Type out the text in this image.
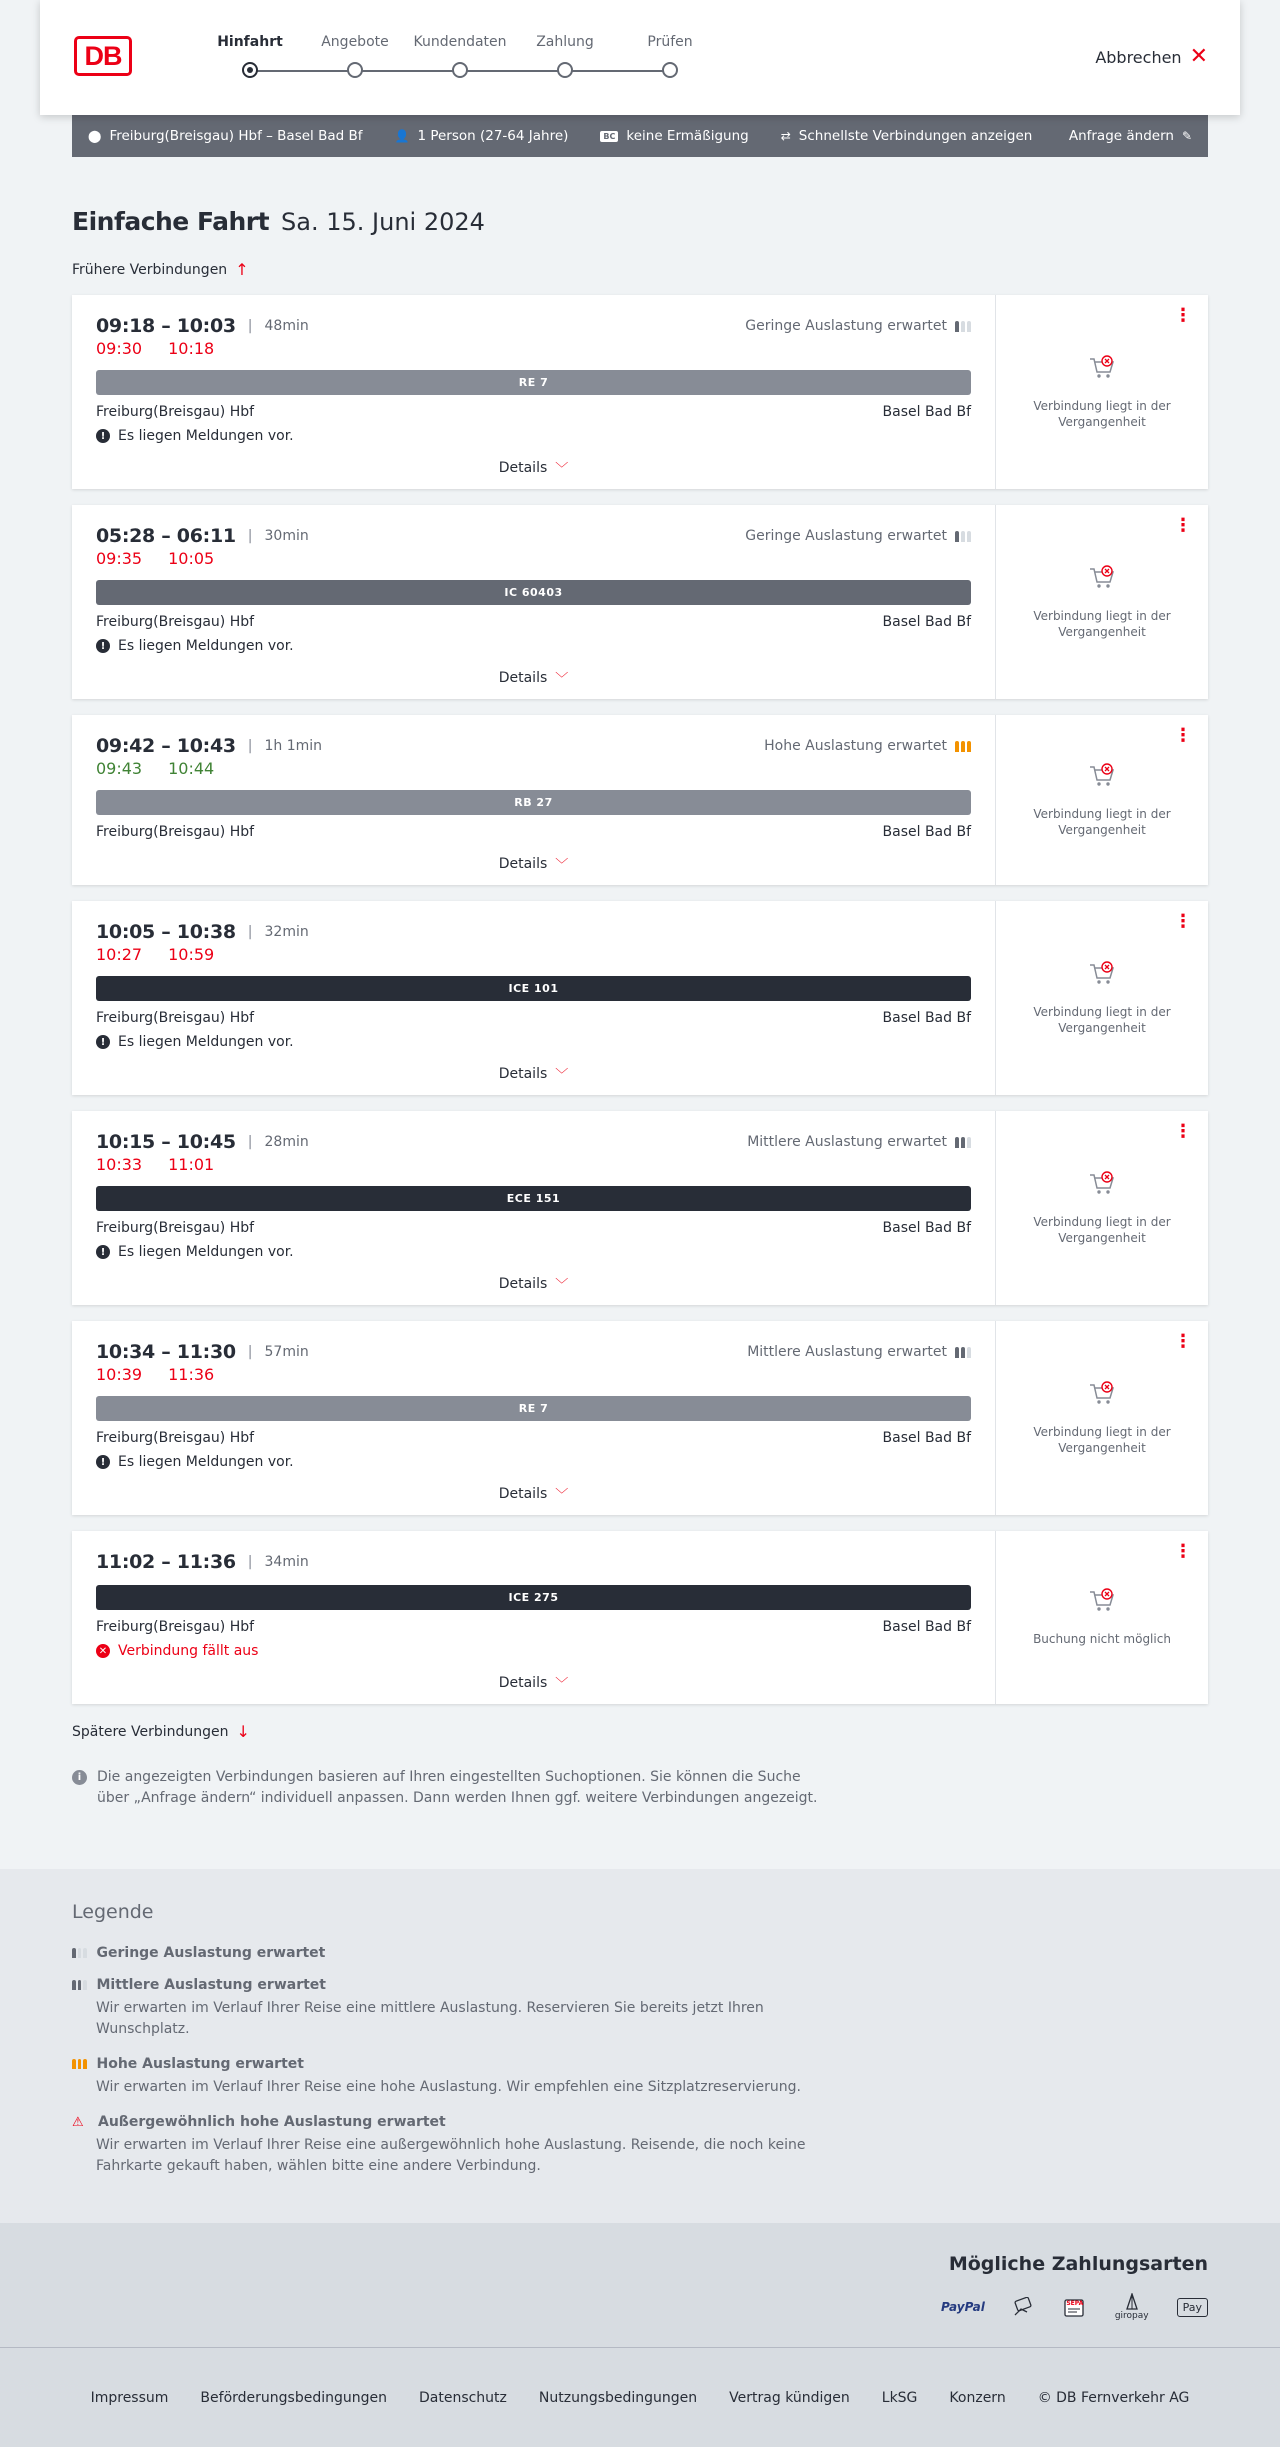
DB	Hinfahrt	Angebote	Kundendaten	Zahlung	Prüfen
Abbrechen ✕
⬤ Freiburg(Breisgau) Hbf – Basel Bad Bf	👤 1 Person (27-64 Jahre)	BC keine Ermäßigung	⇄ Schnellste Verbindungen anzeigen	Anfrage ändern ✎
Einfache Fahrt Sa. 15. Juni 2024
Frühere Verbindungen ↑
09:18 – 10:03 | 48min	Geringe Auslastung erwartet
09:30 10:18
RE 7
Freiburg(Breisgau) Hbf	Basel Bad Bf
! Es liegen Meldungen vor.
Details ﹀
⋮
Verbindung liegt in der Vergangenheit
05:28 – 06:11 | 30min	Geringe Auslastung erwartet
09:35 10:05
IC 60403
Freiburg(Breisgau) Hbf	Basel Bad Bf
! Es liegen Meldungen vor.
Details ﹀
⋮
Verbindung liegt in der Vergangenheit
09:42 – 10:43 | 1h 1min	Hohe Auslastung erwartet
09:43 10:44
RB 27
Freiburg(Breisgau) Hbf	Basel Bad Bf
Details ﹀
⋮
Verbindung liegt in der Vergangenheit
10:05 – 10:38 | 32min
10:27 10:59
ICE 101
Freiburg(Breisgau) Hbf	Basel Bad Bf
! Es liegen Meldungen vor.
Details ﹀
⋮
Verbindung liegt in der Vergangenheit
10:15 – 10:45 | 28min	Mittlere Auslastung erwartet
10:33 11:01
ECE 151
Freiburg(Breisgau) Hbf	Basel Bad Bf
! Es liegen Meldungen vor.
Details ﹀
⋮
Verbindung liegt in der Vergangenheit
10:34 – 11:30 | 57min	Mittlere Auslastung erwartet
10:39 11:36
RE 7
Freiburg(Breisgau) Hbf	Basel Bad Bf
! Es liegen Meldungen vor.
Details ﹀
⋮
Verbindung liegt in der Vergangenheit
11:02 – 11:36 | 34min
ICE 275
Freiburg(Breisgau) Hbf	Basel Bad Bf
✕ Verbindung fällt aus
Details ﹀
⋮
Buchung nicht möglich
Spätere Verbindungen ↓
i	Die angezeigten Verbindungen basieren auf Ihren eingestellten Suchoptionen. Sie können die Suche über „Anfrage ändern“ individuell anpassen. Dann werden Ihnen ggf. weitere Verbindungen angezeigt.
Legende
Geringe Auslastung erwartet
Mittlere Auslastung erwartet
Wir erwarten im Verlauf Ihrer Reise eine mittlere Auslastung. Reservieren Sie bereits jetzt Ihren Wunschplatz.
Hohe Auslastung erwartet
Wir erwarten im Verlauf Ihrer Reise eine hohe Auslastung. Wir empfehlen eine Sitzplatzreservierung.
⚠	Außergewöhnlich hohe Auslastung erwartet
Wir erwarten im Verlauf Ihrer Reise eine außergewöhnlich hohe Auslastung. Reisende, die noch keine Fahrkarte gekauft haben, wählen bitte eine andere Verbindung.
Mögliche Zahlungsarten
PayPal	SEPA
giropay
Pay
Impressum Beförderungsbedingungen Datenschutz Nutzungsbedingungen Vertrag kündigen LkSG Konzern © DB Fernverkehr AG
